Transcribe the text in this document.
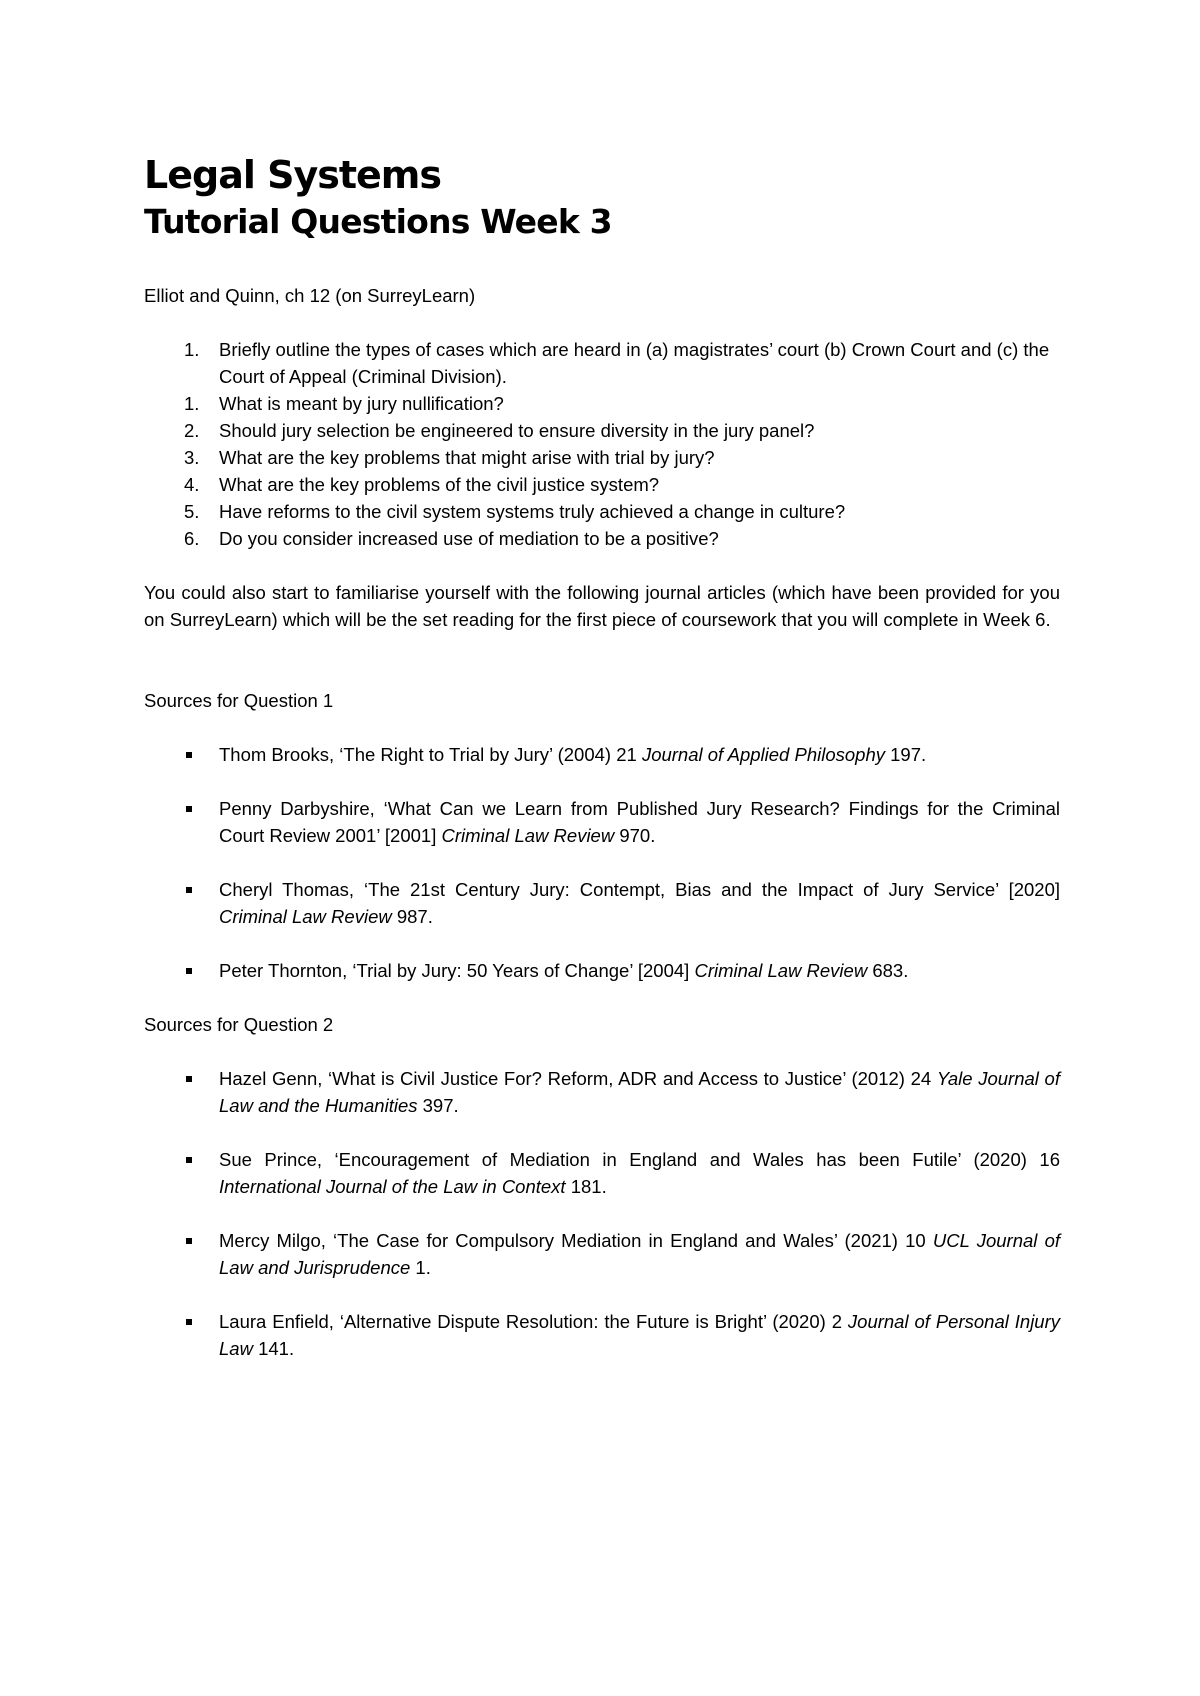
Legal Systems
Tutorial Questions Week 3

Elliot and Quinn, ch 12 (on SurreyLearn)

1. Briefly outline the types of cases which are heard in (a) magistrates’ court (b) Crown Court and (c) the Court of Appeal (Criminal Division).
1. What is meant by jury nullification?
2. Should jury selection be engineered to ensure diversity in the jury panel?
3. What are the key problems that might arise with trial by jury?
4. What are the key problems of the civil justice system?
5. Have reforms to the civil system systems truly achieved a change in culture?
6. Do you consider increased use of mediation to be a positive?

You could also start to familiarise yourself with the following journal articles (which have been provided for you on SurreyLearn) which will be the set reading for the first piece of coursework that you will complete in Week 6.

Sources for Question 1

Thom Brooks, ‘The Right to Trial by Jury’ (2004) 21 Journal of Applied Philosophy 197.
Penny Darbyshire, ‘What Can we Learn from Published Jury Research? Findings for the Criminal Court Review 2001’ [2001] Criminal Law Review 970.
Cheryl Thomas, ‘The 21st Century Jury: Contempt, Bias and the Impact of Jury Service’ [2020] Criminal Law Review 987.
Peter Thornton, ‘Trial by Jury: 50 Years of Change’ [2004] Criminal Law Review 683.

Sources for Question 2

Hazel Genn, ‘What is Civil Justice For? Reform, ADR and Access to Justice’ (2012) 24 Yale Journal of Law and the Humanities 397.
Sue Prince, ‘Encouragement of Mediation in England and Wales has been Futile’ (2020) 16 International Journal of the Law in Context 181.
Mercy Milgo, ‘The Case for Compulsory Mediation in England and Wales’ (2021) 10 UCL Journal of Law and Jurisprudence 1.
Laura Enfield, ‘Alternative Dispute Resolution: the Future is Bright’ (2020) 2 Journal of Personal Injury Law 141.
